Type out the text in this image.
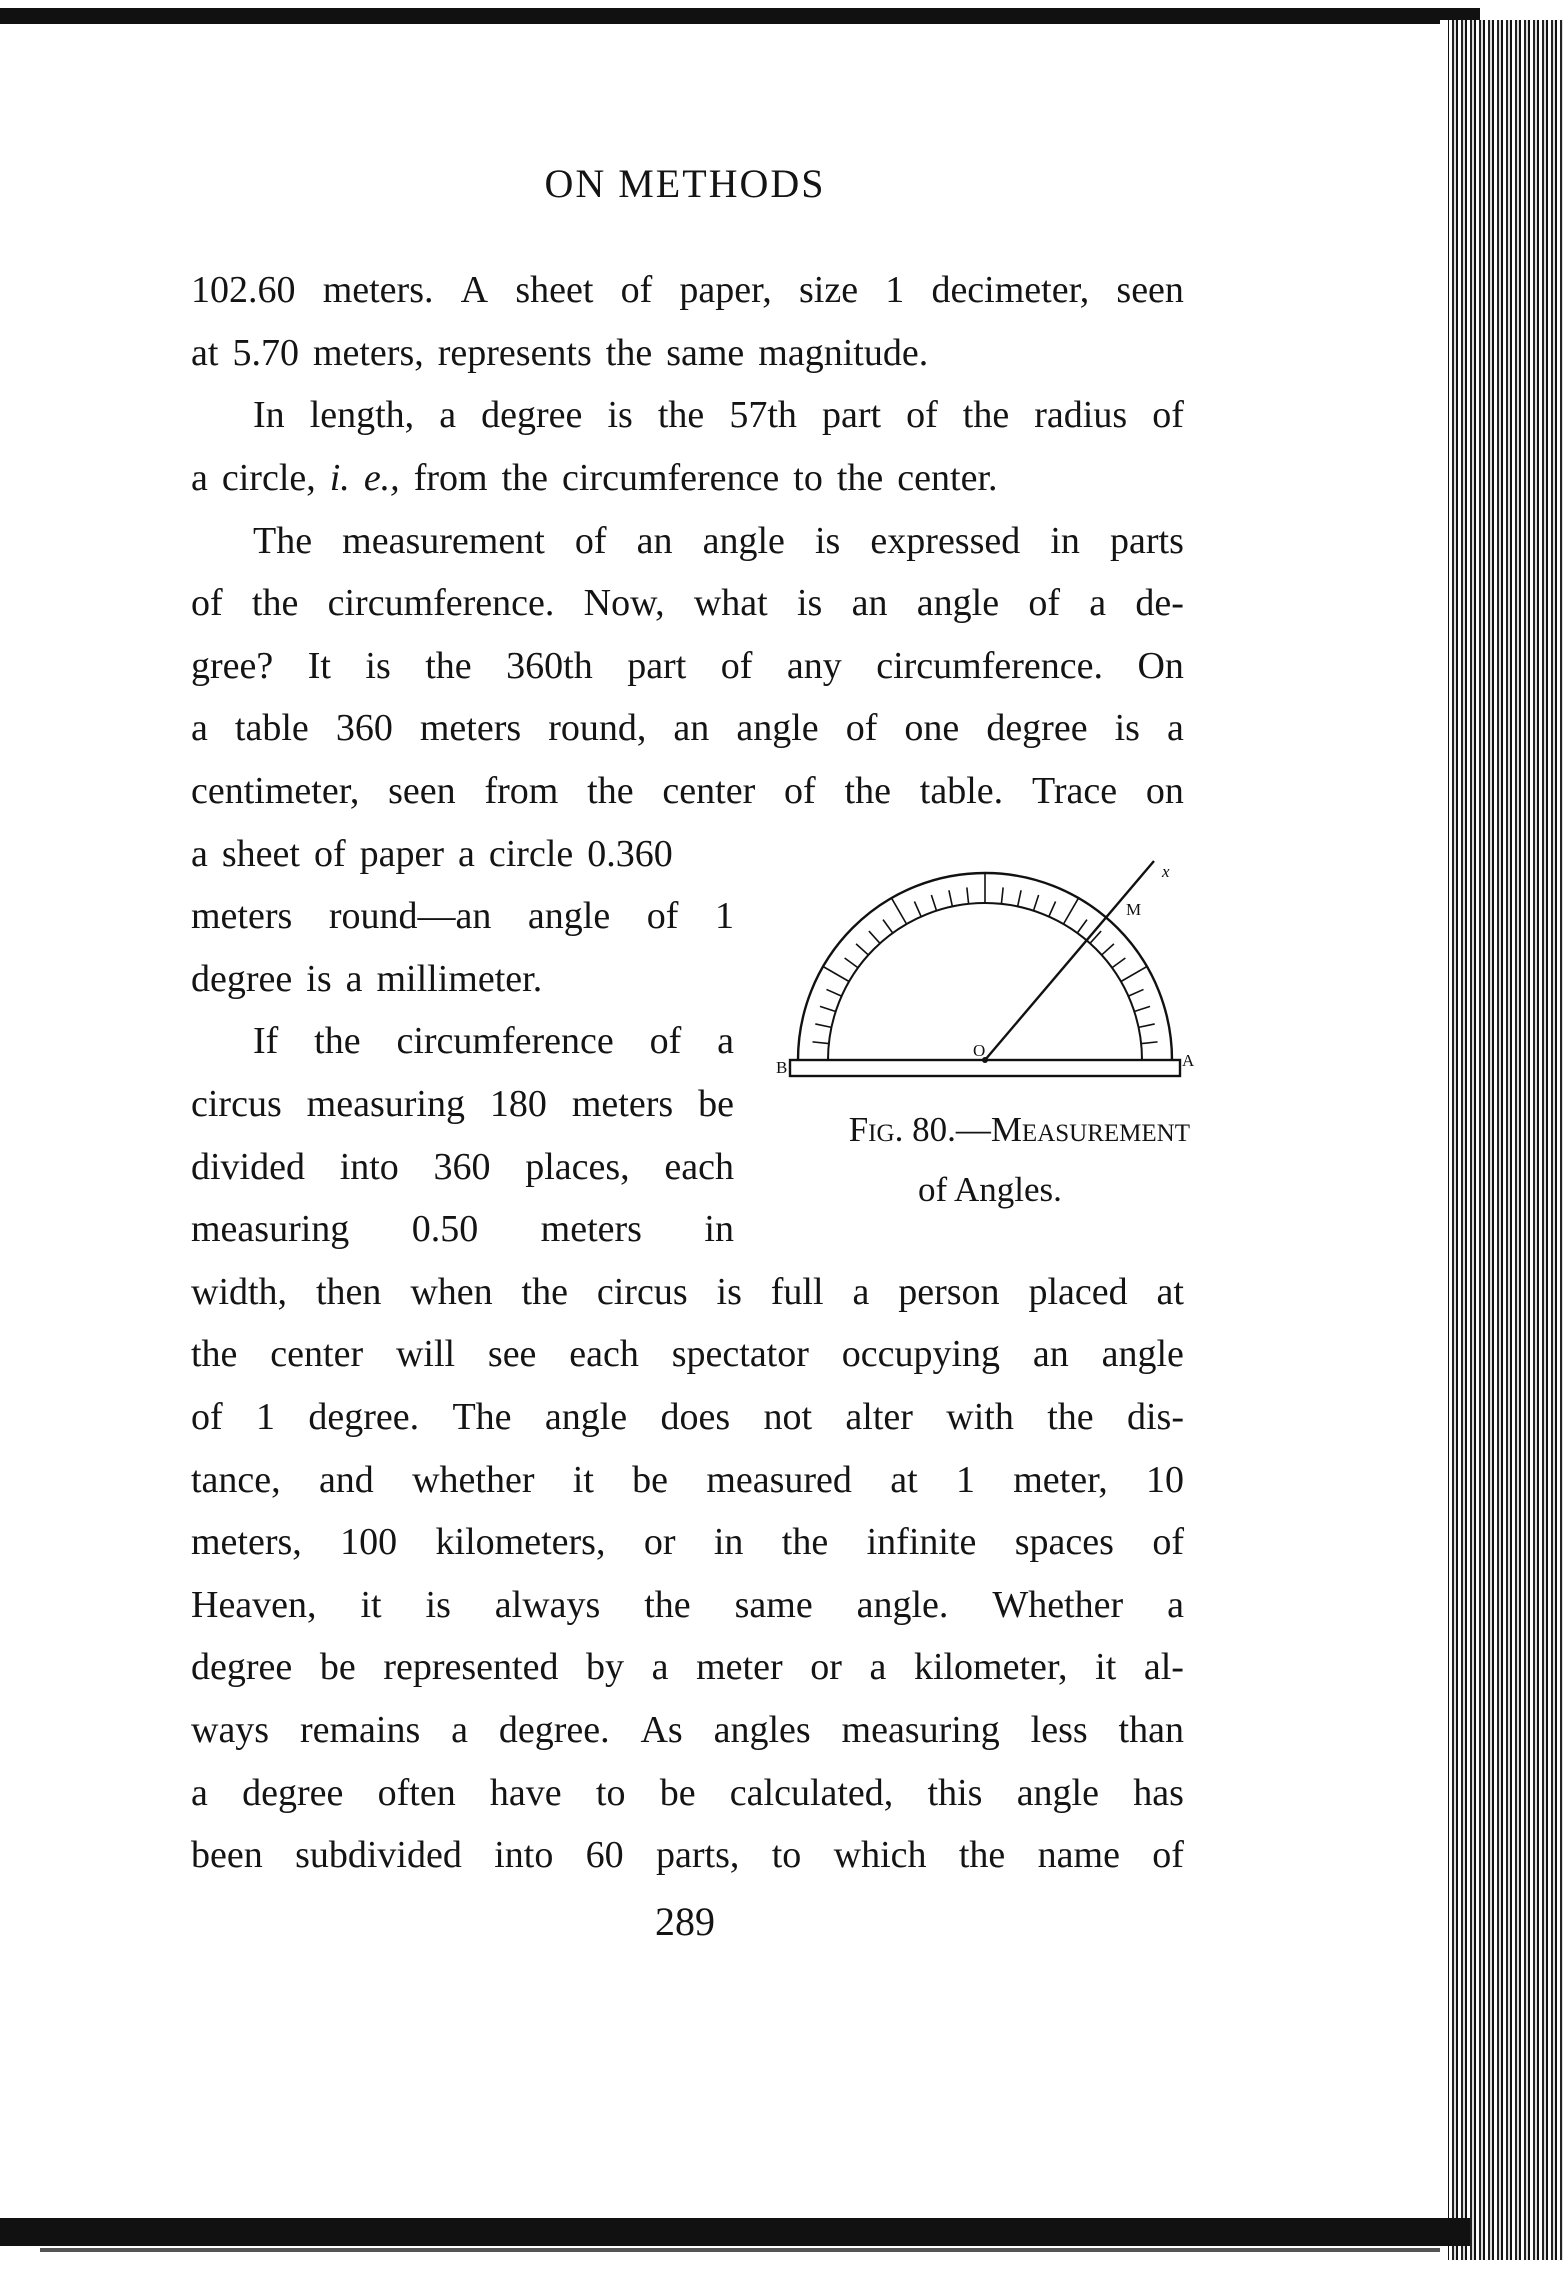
ON METHODS
102.60 meters. A sheet of paper, size 1 decimeter, seen
at 5.70 meters, represents the same magnitude.
In length, a degree is the 57th part of the radius of
a circle, i. e., from the circumference to the center.
The measurement of an angle is expressed in parts
of the circumference. Now, what is an angle of a de-
gree? It is the 360th part of any circumference. On
a table 360 meters round, an angle of one degree is a
centimeter, seen from the center of the table. Trace on
a sheet of paper a circle 0.360
meters round—an angle of 1
degree is a millimeter.
If the circumference of a
circus measuring 180 meters be
divided into 360 places, each
measuring 0.50 meters in
width, then when the circus is full a person placed at
the center will see each spectator occupying an angle
of 1 degree. The angle does not alter with the dis-
tance, and whether it be measured at 1 meter, 10
meters, 100 kilometers, or in the infinite spaces of
Heaven, it is always the same angle. Whether a
degree be represented by a meter or a kilometer, it al-
ways remains a degree. As angles measuring less than
a degree often have to be calculated, this angle has
been subdivided into 60 parts, to which the name of
x
M
O
B	A
Fig. 80.—Measurement
of Angles.
289
